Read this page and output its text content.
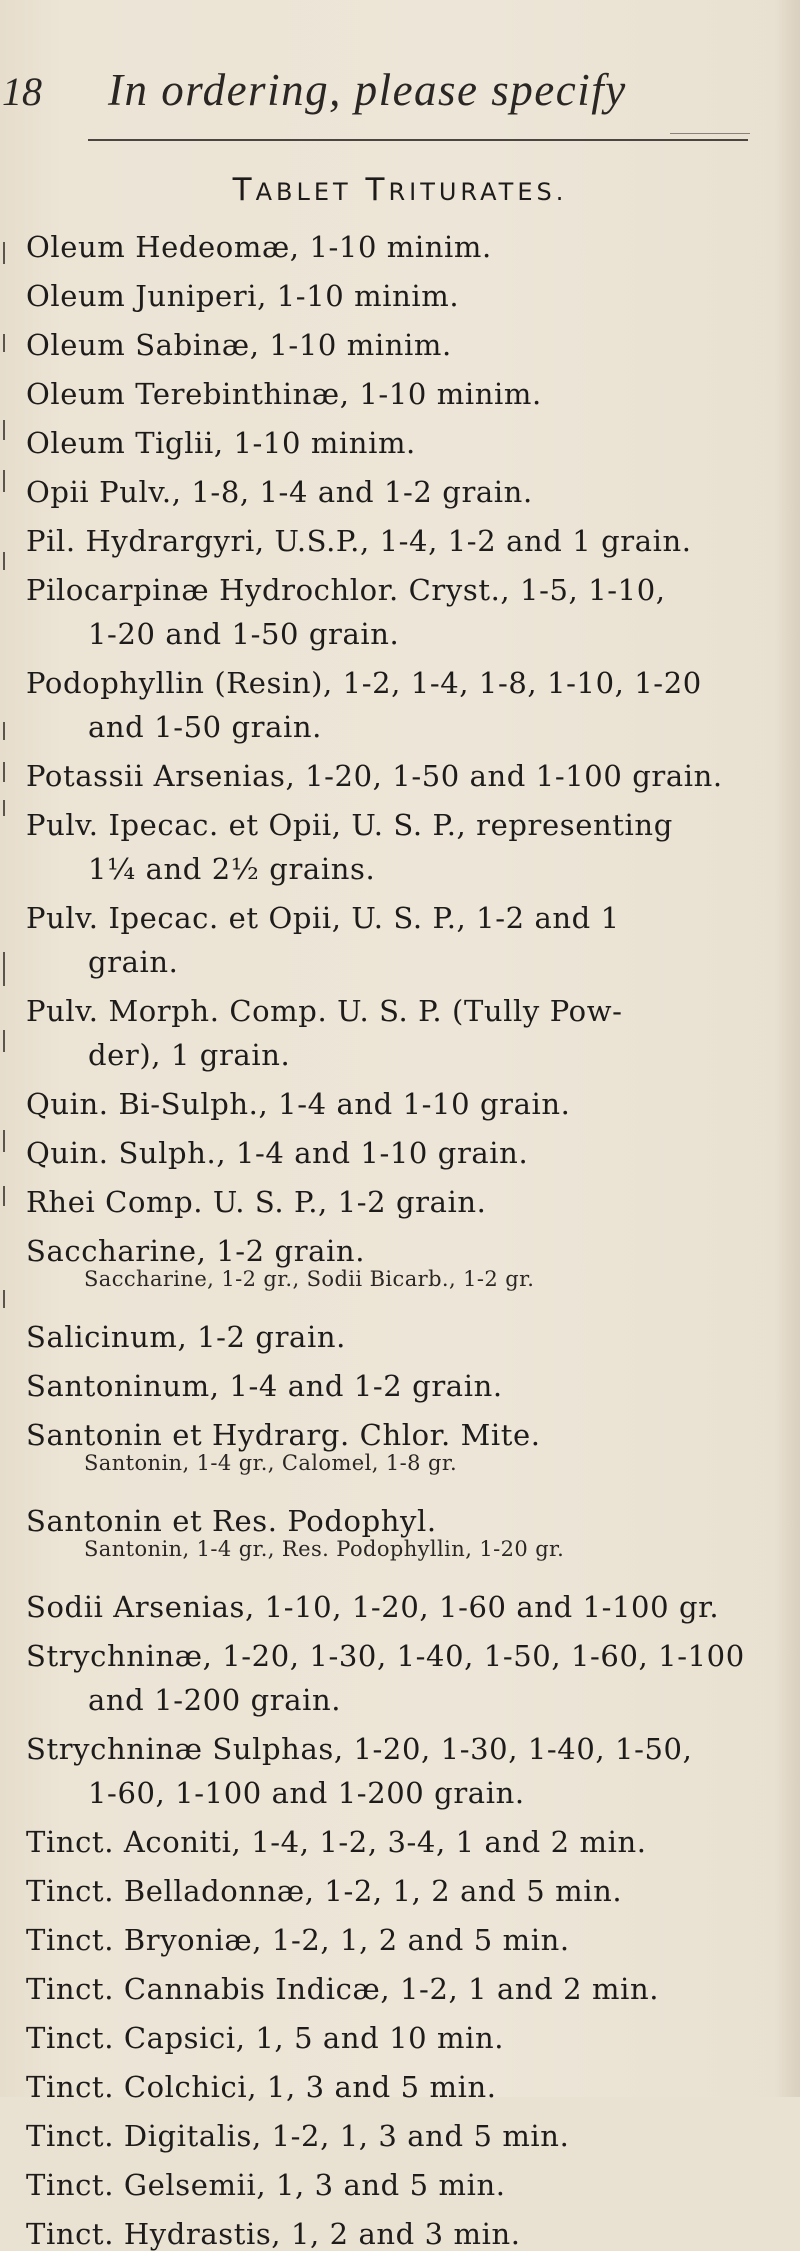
18 In ordering, please specify
TABLET TRITURATES.
Oleum Hedeomæ, 1-10 minim.
Oleum Juniperi, 1-10 minim.
Oleum Sabinæ, 1-10 minim.
Oleum Terebinthinæ, 1-10 minim.
Oleum Tiglii, 1-10 minim.
Opii Pulv., 1-8, 1-4 and 1-2 grain.
Pil. Hydrargyri, U.S.P., 1-4, 1-2 and 1 grain.
Pilocarpinæ Hydrochlor. Cryst., 1-5, 1-10,
1-20 and 1-50 grain.
Podophyllin (Resin), 1-2, 1-4, 1-8, 1-10, 1-20
and 1-50 grain.
Potassii Arsenias, 1-20, 1-50 and 1-100 grain.
Pulv. Ipecac. et Opii, U. S. P., representing
1¼ and 2½ grains.
Pulv. Ipecac. et Opii, U. S. P., 1-2 and 1
grain.
Pulv. Morph. Comp. U. S. P. (Tully Pow-
der), 1 grain.
Quin. Bi-Sulph., 1-4 and 1-10 grain.
Quin. Sulph., 1-4 and 1-10 grain.
Rhei Comp. U. S. P., 1-2 grain.
Saccharine, 1-2 grain.
Saccharine, 1-2 gr., Sodii Bicarb., 1-2 gr.
Salicinum, 1-2 grain.
Santoninum, 1-4 and 1-2 grain.
Santonin et Hydrarg. Chlor. Mite.
Santonin, 1-4 gr., Calomel, 1-8 gr.
Santonin et Res. Podophyl.
Santonin, 1-4 gr., Res. Podophyllin, 1-20 gr.
Sodii Arsenias, 1-10, 1-20, 1-60 and 1-100 gr.
Strychninæ, 1-20, 1-30, 1-40, 1-50, 1-60, 1-100
and 1-200 grain.
Strychninæ Sulphas, 1-20, 1-30, 1-40, 1-50,
1-60, 1-100 and 1-200 grain.
Tinct. Aconiti, 1-4, 1-2, 3-4, 1 and 2 min.
Tinct. Belladonnæ, 1-2, 1, 2 and 5 min.
Tinct. Bryoniæ, 1-2, 1, 2 and 5 min.
Tinct. Cannabis Indicæ, 1-2, 1 and 2 min.
Tinct. Capsici, 1, 5 and 10 min.
Tinct. Colchici, 1, 3 and 5 min.
Tinct. Digitalis, 1-2, 1, 3 and 5 min.
Tinct. Gelsemii, 1, 3 and 5 min.
Tinct. Hydrastis, 1, 2 and 3 min.
